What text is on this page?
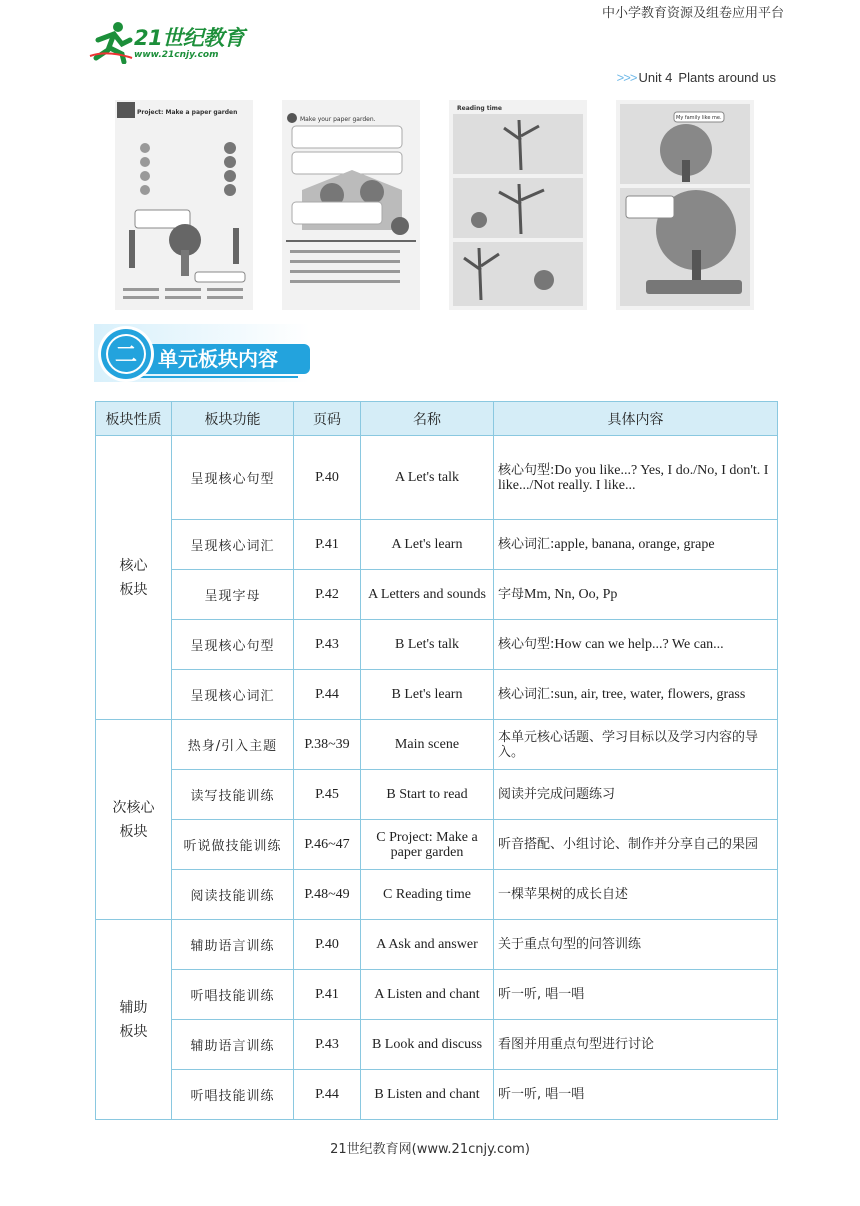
中小学教育资源及组卷应用平台
21世纪教育
www.21cnjy.com
>>> Unit 4 Plants around us
Project: Make a paper garden
Make your paper garden.
Reading time
My family like me.
二 单元板块内容
板块性质	板块功能	页码	名称	具体内容
核心
板块	呈现核心句型	P.40	A Let's talk	核心句型:Do you like...? Yes, I do./No, I don't. I like.../Not really. I like...
	呈现核心词汇	P.41	A Let's learn	核心词汇:apple, banana, orange, grape
	呈现字母	P.42	A Letters and sounds	字母Mm, Nn, Oo, Pp
	呈现核心句型	P.43	B Let's talk	核心句型:How can we help...? We can...
	呈现核心词汇	P.44	B Let's learn	核心词汇:sun, air, tree, water, flowers, grass
次核心
板块	热身/引入主题	P.38~39	Main scene	本单元核心话题、学习目标以及学习内容的导入。
	读写技能训练	P.45	B Start to read	阅读并完成问题练习
	听说做技能训练	P.46~47	C Project: Make a paper garden	听音搭配、小组讨论、制作并分享自己的果园
	阅读技能训练	P.48~49	C Reading time	一棵苹果树的成长自述
辅助
板块	辅助语言训练	P.40	A Ask and answer	关于重点句型的问答训练
	听唱技能训练	P.41	A Listen and chant	听一听, 唱一唱
	辅助语言训练	P.43	B Look and discuss	看图并用重点句型进行讨论
	听唱技能训练	P.44	B Listen and chant	听一听, 唱一唱
21世纪教育网(www.21cnjy.com)
